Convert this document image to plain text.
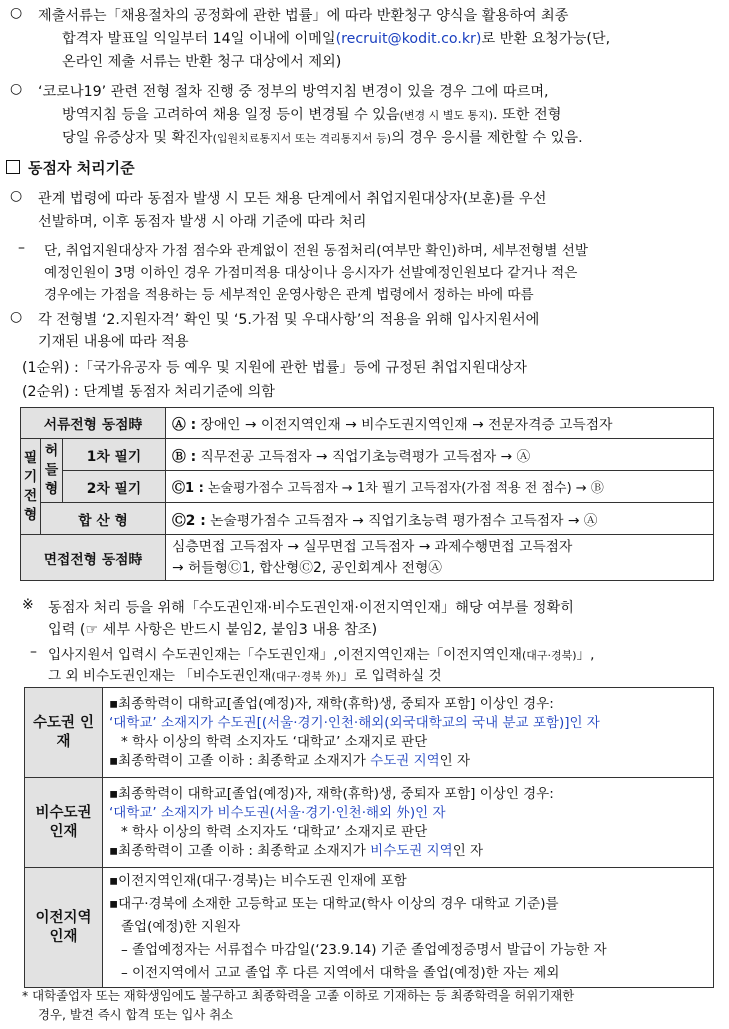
○ 제출서류는「채용절차의 공정화에 관한 법률」에 따라 반환청구 양식을 활용하여 최종
합격자 발표일 익일부터 14일 이내에 이메일(recruit@kodit.co.kr)로 반환 요청가능(단,
온라인 제출 서류는 반환 청구 대상에서 제외)
○ ‘코로나19’ 관련 전형 절차 진행 중 정부의 방역지침 변경이 있을 경우 그에 따르며,
방역지침 등을 고려하여 채용 일정 등이 변경될 수 있음(변경 시 별도 통지). 또한 전형
당일 유증상자 및 확진자(입원치료통지서 또는 격리통지서 등)의 경우 응시를 제한할 수 있음.
동점자 처리기준
○ 관계 법령에 따라 동점자 발생 시 모든 채용 단계에서 취업지원대상자(보훈)를 우선
선발하며, 이후 동점자 발생 시 아래 기준에 따라 처리
– 단, 취업지원대상자 가점 점수와 관계없이 전원 동점처리(여부만 확인)하며, 세부전형별 선발
예정인원이 3명 이하인 경우 가점미적용 대상이나 응시자가 선발예정인원보다 같거나 적은
경우에는 가점을 적용하는 등 세부적인 운영사항은 관계 법령에서 정하는 바에 따름
○ 각 전형별 ‘2.지원자격’ 확인 및 ‘5.가점 및 우대사항’의 적용을 위해 입사지원서에
기재된 내용에 따라 적용
(1순위) :「국가유공자 등 예우 및 지원에 관한 법률」등에 규정된 취업지원대상자
(2순위) : 단계별 동점자 처리기준에 의함
서류전형 동점時			Ⓐ : 장애인 → 이전지역인재 → 비수도권지역인재 → 전문자격증 고득점자

필기전형	허들형	1차 필기	Ⓑ : 직무전공 고득점자 → 직업기초능력평가 고득점자 → Ⓐ
		2차 필기	Ⓒ1 : 논술평가점수 고득점자 → 1차 필기 고득점자(가점 적용 전 점수) → Ⓑ
	합 산 형		Ⓒ2 : 논술평가점수 고득점자 → 직업기초능력 평가점수 고득점자 → Ⓐ
면접전형 동점時			심층면접 고득점자 → 실무면접 고득점자 → 과제수행면접 고득점자
→ 허들형Ⓒ1, 합산형Ⓒ2, 공인회계사 전형Ⓐ
※ 동점자 처리 등을 위해「수도권인재·비수도권인재·이전지역인재」해당 여부를 정확히
입력 (☞ 세부 사항은 반드시 붙임2, 붙임3 내용 참조)
– 입사지원서 입력시 수도권인재는「수도권인재」,이전지역인재는「이전지역인재(대구·경북)」,
그 외 비수도권인재는 「비수도권인재(대구·경북 外)」로 입력하실 것
수도권 인재	▪최종학력이 대학교[졸업(예정)자, 재학(휴학)생, 중퇴자 포함] 이상인 경우:
‘대학교’ 소재지가 수도권[(서울·경기·인천·해외(외국대학교의 국내 분교 포함)]인 자
* 학사 이상의 학력 소지자도 ‘대학교’ 소재지로 판단
▪최종학력이 고졸 이하 : 최종학교 소재지가 수도권 지역인 자

비수도권 인재	▪최종학력이 대학교[졸업(예정)자, 재학(휴학)생, 중퇴자 포함] 이상인 경우:
‘대학교’ 소재지가 비수도권(서울·경기·인천·해외 外)인 자
* 학사 이상의 학력 소지자도 ‘대학교’ 소재지로 판단
▪최종학력이 고졸 이하 : 최종학교 소재지가 비수도권 지역인 자

이전지역 인재	▪이전지역인재(대구·경북)는 비수도권 인재에 포함
▪대구·경북에 소재한 고등학교 또는 대학교(학사 이상의 경우 대학교 기준)를
졸업(예정)한 지원자
– 졸업예정자는 서류접수 마감일(‘23.9.14) 기준 졸업예정증명서 발급이 가능한 자
– 이전지역에서 고교 졸업 후 다른 지역에서 대학을 졸업(예정)한 자는 제외
* 대학졸업자 또는 재학생임에도 불구하고 최종학력을 고졸 이하로 기재하는 등 최종학력을 허위기재한
경우, 발견 즉시 합격 또는 입사 취소
